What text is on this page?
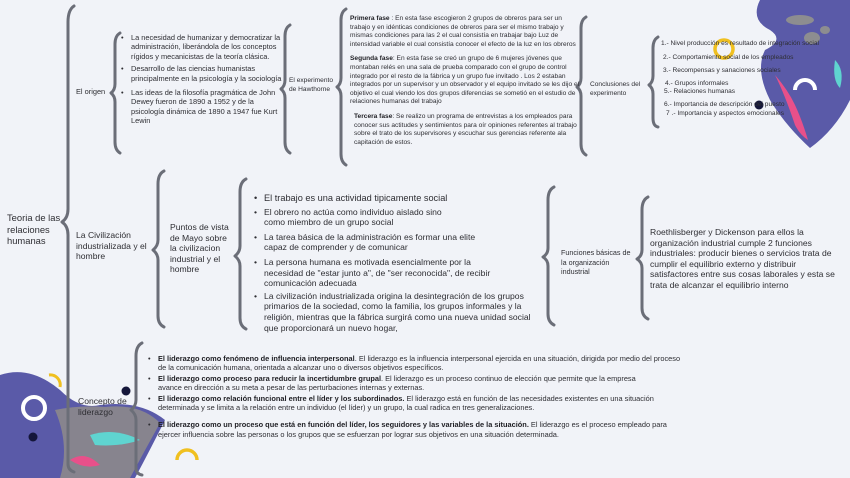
Teoria de las relaciones humanas
El origen
• La necesidad de humanizar y democratizar la administración, liberándola de los conceptos rígidos y mecanicistas de la teoría clásica.
• Desarrollo de las ciencias humanistas principalmente en la psicología y la sociología
• Las ideas de la filosofía pragmática de John Dewey fueron de 1890 a 1952 y de la psicología dinámica de 1890 a 1947 fue Kurt Lewin
El experimento de Hawthorne
Primera fase : En esta fase escogieron 2 grupos de obreros para ser un trabajo y en idénticas condiciones de obreros para ser el mismo trabajo y mismas condiciones para las 2 el cual consistía en trabajar bajo Luz de intensidad variable el cual consistía conocer el efecto de la luz en los obreros
Segunda fase: En esta fase se creó un grupo de 6 mujeres jóvenes que montaban relés en una sala de prueba comparado con el grupo de control integrado por el resto de la fábrica y un grupo fue invitado . Los 2 estaban integrados por un supervisor y un observador y el equipo invitado se les dijo el objetivo el cual viendo los dos grupos diferencias se sometió en el estudio de relaciones humanas del trabajo
Tercera fase: Se realizo un programa de entrevistas a los empleados para conocer sus actitudes y sentimientos para oír opiniones referentes al trabajo sobre el trato de los supervisores y escuchar sus gerencias referente ala capitación de estos.
Conclusiones del experimento
1.- Nivel producción es resultado de integración social
2.- Comportamiento social de los empleados
3.- Recompensas y sanaciones sociales
4.- Grupos informales
5.- Relaciones humanas
6.- Importancia de descripción del puesto
7 .- Importancia y aspectos emocionales
La Civilización industrializada y el hombre
Puntos de vista de Mayo sobre la civilizacion industrial y el hombre
• El trabajo es una actividad tipicamente social
• El obrero no actúa como individuo aislado sino como miembro de un grupo social
• La tarea básica de la administración es formar una elite capaz de comprender y de comunicar
• La persona humana es motivada esencialmente por la necesidad de "estar junto a", de "ser reconocida", de recibir comunicación adecuada
• La civilización industrializada origina la desintegración de los grupos primarios de la sociedad, como la familia, los grupos informales y la religión, mientras que la fábrica surgirá como una nueva unidad social que proporcionará un nuevo hogar,
Funciones básicas de la organización industrial
Roethlisberger y Dickenson para ellos la organización industrial cumple 2 funciones industriales: producir bienes o servicios trata de cumplir el equilibrio externo y distribuir satisfactores entre sus cosas laborales y esta se trata de alcanzar el equilibrio interno
Concepto de liderazgo
• El liderazgo como fenómeno de influencia interpersonal. El liderazgo es la influencia interpersonal ejercida en una situación, dirigida por medio del proceso de la comunicación humana, orientada a alcanzar uno o diversos objetivos específicos.
• El liderazgo como proceso para reducir la incertidumbre grupal. El liderazgo es un proceso continuo de elección que permite que la empresa avance en dirección a su meta a pesar de las perturbaciones internas y externas.
• El liderazgo como relación funcional entre el líder y los subordinados. El liderazgo está en función de las necesidades existentes en una situación determinada y se limita a la relación entre un individuo (el líder) y un grupo, la cual radica en tres generalizaciones.
• El liderazgo como un proceso que está en función del líder, los seguidores y las variables de la situación. El liderazgo es el proceso empleado para ejercer influencia sobre las personas o los grupos que se esfuerzan por lograr sus objetivos en una situación determinada.
